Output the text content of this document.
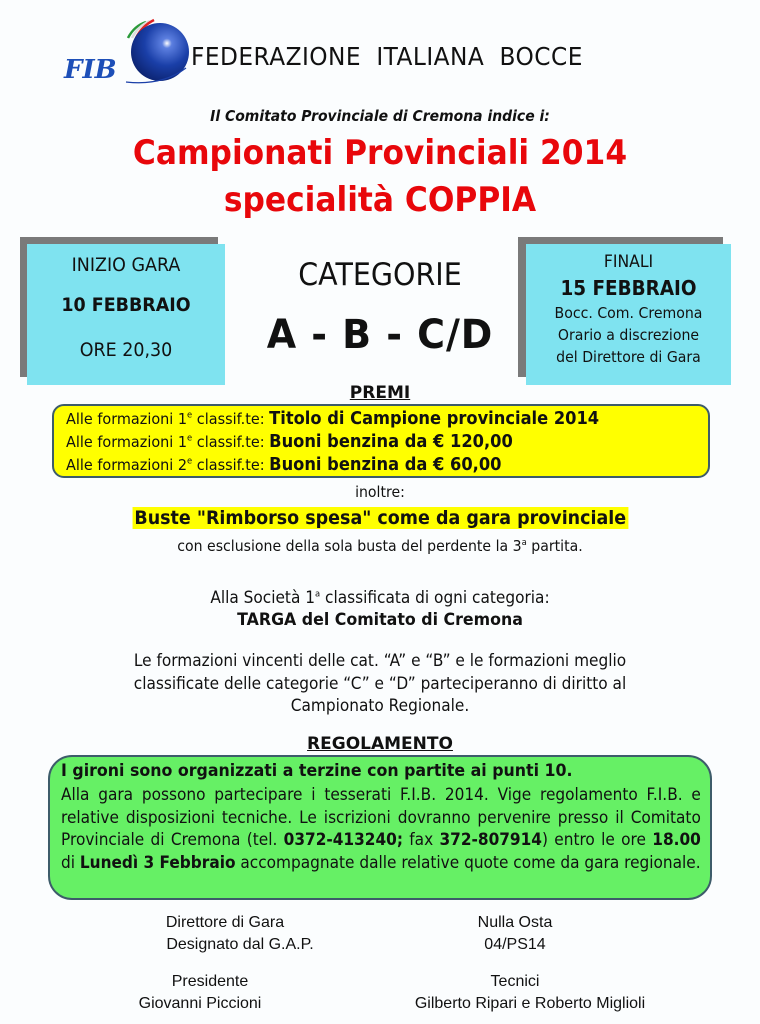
FIB	FEDERAZIONE ITALIANA BOCCE
Il Comitato Provinciale di Cremona indice i:
Campionati Provinciali 2014
specialità COPPIA
INIZIO GARA
10 FEBBRAIO
ORE 20,30
CATEGORIE
A - B - C/D
FINALI
15 FEBBRAIO
Bocc. Com. Cremona
Orario a discrezione
del Direttore di Gara
PREMI
Alle formazioni 1e classif.te: Titolo di Campione provinciale 2014
Alle formazioni 1e classif.te: Buoni benzina da € 120,00
Alle formazioni 2e classif.te: Buoni benzina da € 60,00
inoltre:
Buste "Rimborso spesa" come da gara provinciale
con esclusione della sola busta del perdente la 3$^a$ partita.
Alla Società 1$^a$ classificata di ogni categoria:
TARGA del Comitato di Cremona
Le formazioni vincenti delle cat. “A” e “B” e le formazioni meglio classificate delle categorie “C” e “D” parteciperanno di diritto al Campionato Regionale.
REGOLAMENTO
I gironi sono organizzati a terzine con partite ai punti 10.
Alla gara possono partecipare i tesserati F.I.B. 2014. Vige regolamento F.I.B. e relative disposizioni tecniche. Le iscrizioni dovranno pervenire presso il Comitato Provinciale di Cremona (tel. 0372-413240; fax 372-807914) entro le ore 18.00 di Lunedì 3 Febbraio accompagnate dalle relative quote come da gara regionale.
Direttore di Gara
Designato dal G.A.P.
Nulla Osta
04/PS14
Presidente
Giovanni Piccioni
Tecnici
Gilberto Ripari e Roberto Miglioli
